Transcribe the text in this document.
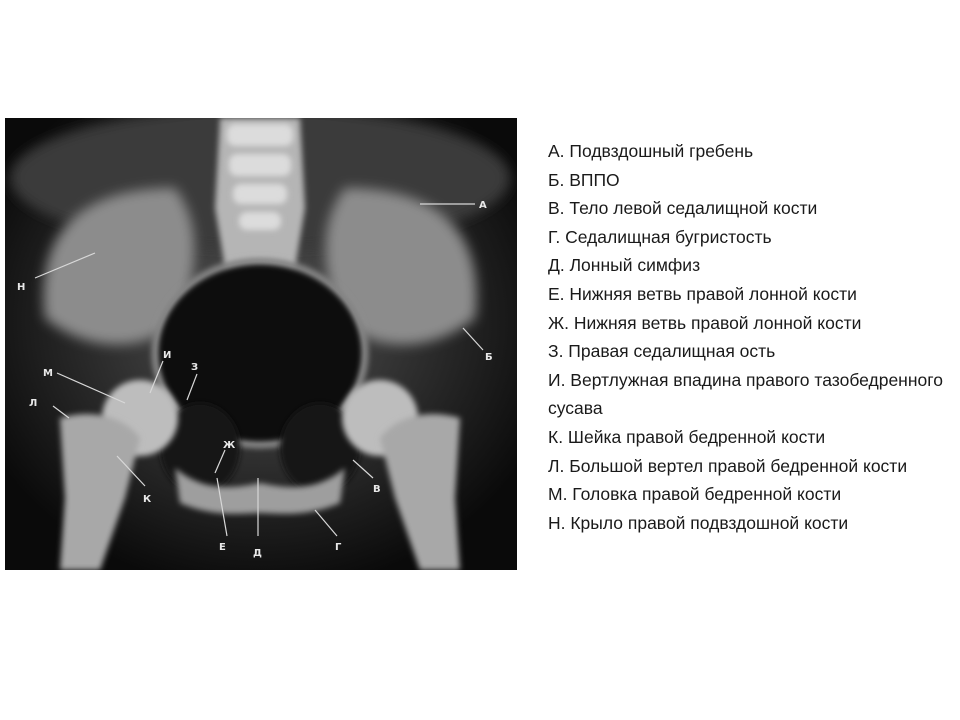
А
Б
В
Г
Д
Е
Ж
З
И
К
Л
М
Н
А. Подвздошный гребень
Б. ВППО
В. Тело левой седалищной кости
Г. Седалищная бугристость
Д. Лонный симфиз
Е. Нижняя ветвь правой лонной кости
Ж. Нижняя ветвь правой лонной кости
З. Правая седалищная ость
И. Вертлужная впадина правого тазобедренного сусава
К. Шейка правой бедренной кости
Л. Большой вертел правой бедренной кости
М. Головка правой бедренной кости
Н. Крыло правой подвздошной кости
